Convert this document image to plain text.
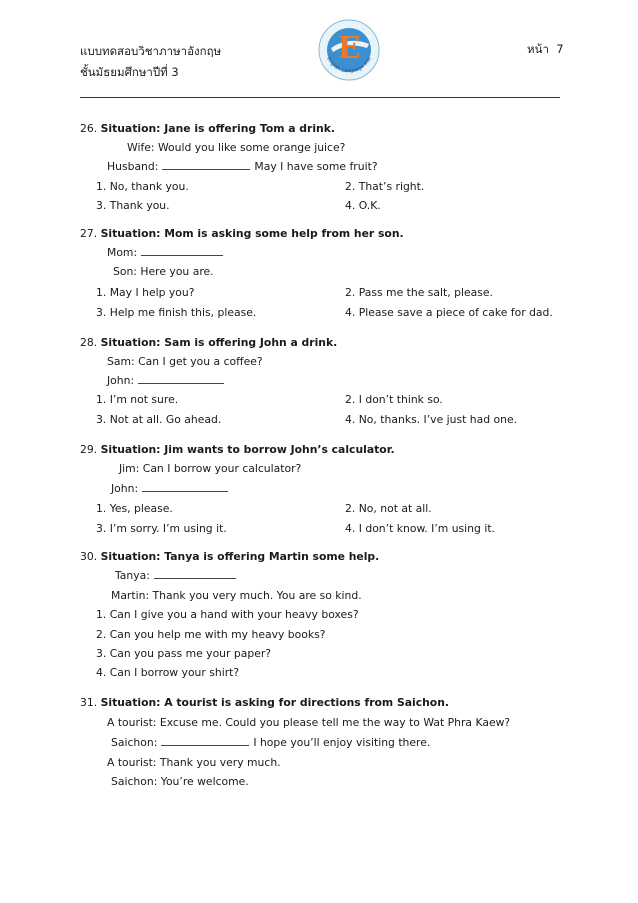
แบบทดสอบวิชาภาษาอังกฤษ
ชั้นมัธยมศึกษาปีที่ 3
E
English Language Inst
หน้า 7
26. Situation: Jane is offering Tom a drink.
Wife: Would you like some orange juice?
Husband:	May I have some fruit?
1. No, thank you.	2. That’s right.
3. Thank you.	4. O.K.
27. Situation: Mom is asking some help from her son.
Mom:
Son: Here you are.
1. May I help you?	2. Pass me the salt, please.
3. Help me finish this, please.	4. Please save a piece of cake for dad.
28. Situation: Sam is offering John a drink.
Sam: Can I get you a coffee?
John:
1. I’m not sure.	2. I don’t think so.
3. Not at all. Go ahead.	4. No, thanks. I’ve just had one.
29. Situation: Jim wants to borrow John’s calculator.
Jim: Can I borrow your calculator?
John:
1. Yes, please.	2. No, not at all.
3. I’m sorry. I’m using it.	4. I don’t know. I’m using it.
30. Situation: Tanya is offering Martin some help.
Tanya:
Martin: Thank you very much. You are so kind.
1. Can I give you a hand with your heavy boxes?
2. Can you help me with my heavy books?
3. Can you pass me your paper?
4. Can I borrow your shirt?
31. Situation: A tourist is asking for directions from Saichon.
A tourist: Excuse me. Could you please tell me the way to Wat Phra Kaew?
Saichon:	I hope you’ll enjoy visiting there.
A tourist: Thank you very much.
Saichon: You’re welcome.
